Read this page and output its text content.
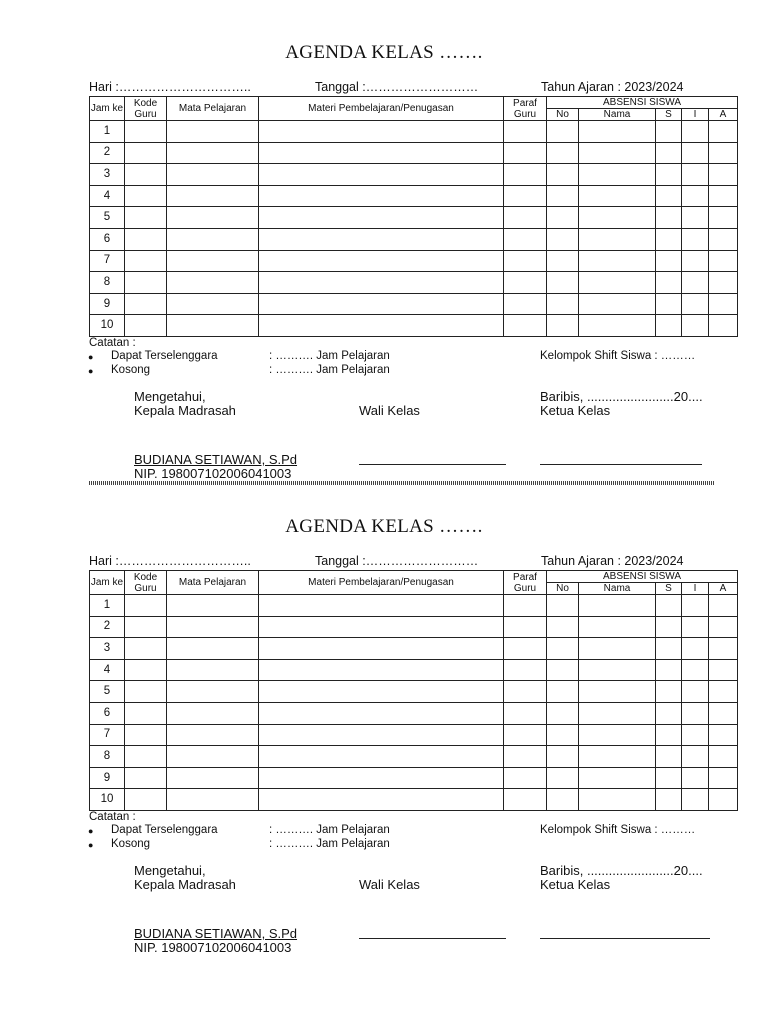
AGENDA KELAS …….
Hari :…………………………..	Tanggal :………………………	Tahun Ajaran : 2023/2024
Jam ke	Kode Guru	Mata Pelajaran	Materi Pembelajaran/Penugasan	Paraf Guru	ABSENSI SISWA				
					No	Nama	S	I	A
1									
2									
3									
4									
5									
6									
7									
8									
9									
10									
Catatan :
● Dapat Terselenggara	: ………. Jam Pelajaran	Kelompok Shift Siswa : ………
● Kosong	: ………. Jam Pelajaran
Mengetahui,
Kepala Madrasah	Wali Kelas
Baribis, ........................20....
Ketua Kelas
BUDIANA SETIAWAN, S.Pd
NIP. 198007102006041003
AGENDA KELAS …….
Hari :…………………………..	Tanggal :………………………	Tahun Ajaran : 2023/2024
Jam ke	Kode Guru	Mata Pelajaran	Materi Pembelajaran/Penugasan	Paraf Guru	ABSENSI SISWA				
					No	Nama	S	I	A
1									
2									
3									
4									
5									
6									
7									
8									
9									
10									
Catatan :
● Dapat Terselenggara	: ………. Jam Pelajaran	Kelompok Shift Siswa : ………
● Kosong	: ………. Jam Pelajaran
Mengetahui,
Kepala Madrasah	Wali Kelas
Baribis, ........................20....
Ketua Kelas
BUDIANA SETIAWAN, S.Pd
NIP. 198007102006041003
